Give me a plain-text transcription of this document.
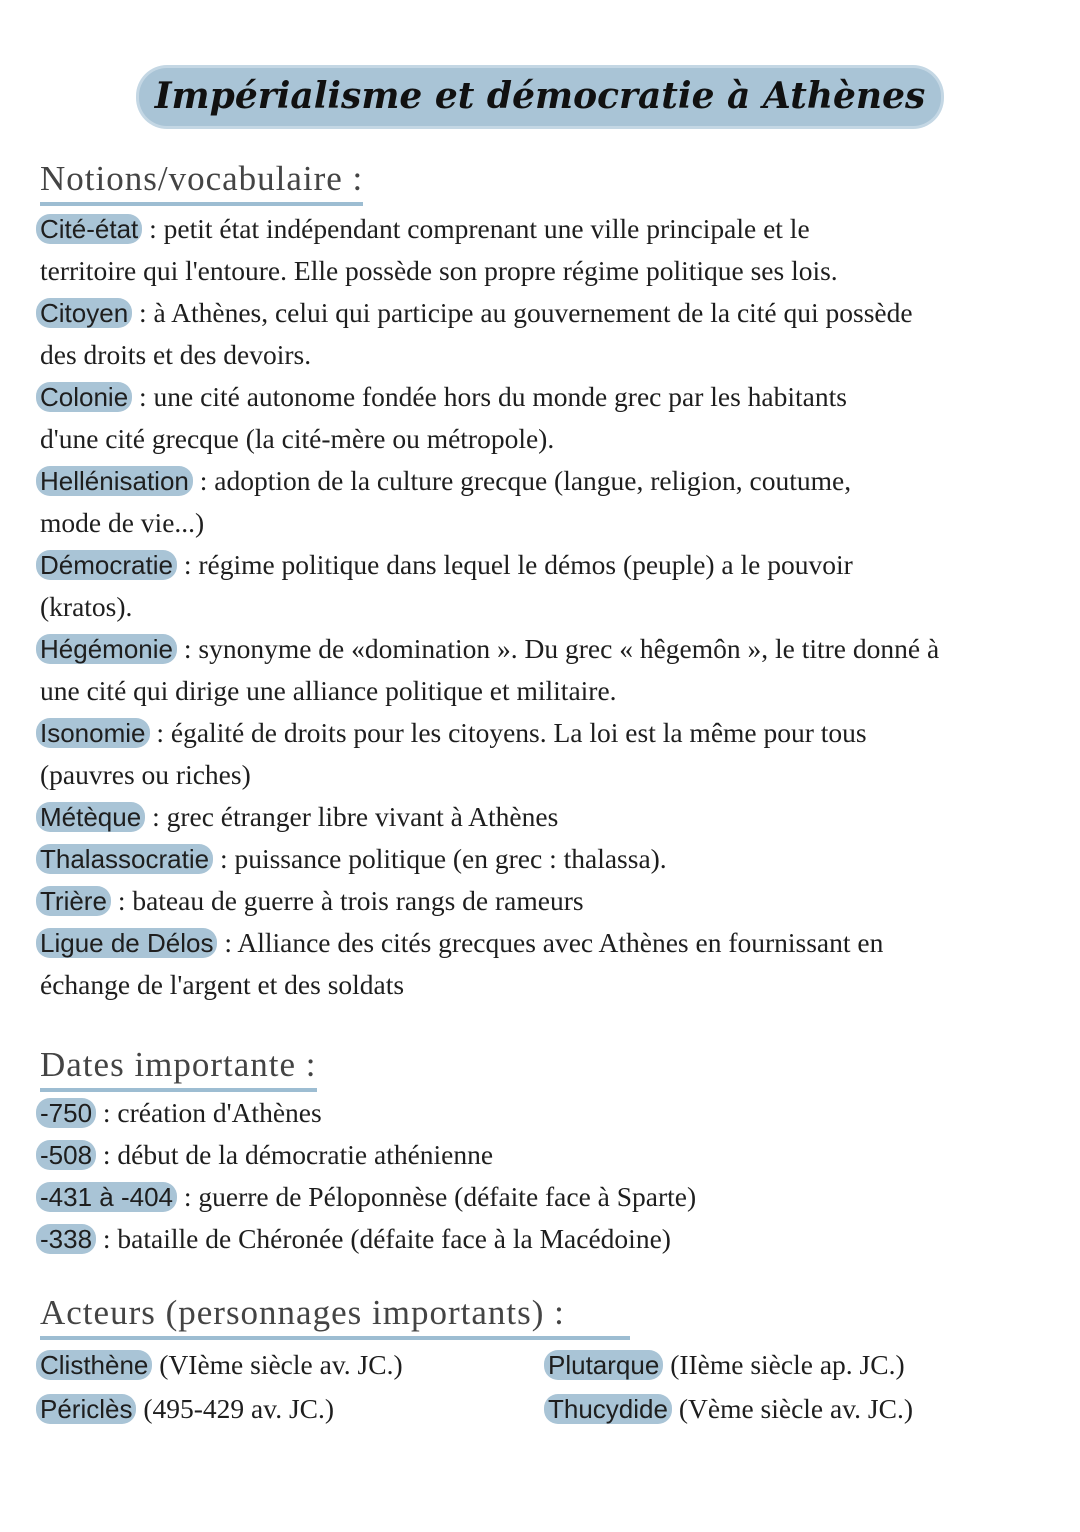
Impérialisme et démocratie à Athènes
Notions/vocabulaire :
Cité-état : petit état indépendant comprenant une ville principale et le
territoire qui l'entoure. Elle possède son propre régime politique ses lois.
Citoyen : à Athènes, celui qui participe au gouvernement de la cité qui possède
des droits et des devoirs.
Colonie : une cité autonome fondée hors du monde grec par les habitants
d'une cité grecque (la cité-mère ou métropole).
Hellénisation : adoption de la culture grecque (langue, religion, coutume,
mode de vie...)
Démocratie : régime politique dans lequel le démos (peuple) a le pouvoir
(kratos).
Hégémonie : synonyme de «domination ». Du grec « hêgemôn », le titre donné à
une cité qui dirige une alliance politique et militaire.
Isonomie : égalité de droits pour les citoyens. La loi est la même pour tous
(pauvres ou riches)
Métèque : grec étranger libre vivant à Athènes
Thalassocratie : puissance politique (en grec : thalassa).
Trière : bateau de guerre à trois rangs de rameurs
Ligue de Délos : Alliance des cités grecques avec Athènes en fournissant en
échange de l'argent et des soldats
Dates importante :
-750 : création d'Athènes
-508 : début de la démocratie athénienne
-431 à -404 : guerre de Péloponnèse (défaite face à Sparte)
-338 : bataille de Chéronée (défaite face à la Macédoine)
Acteurs (personnages importants) :
Clisthène (VIème siècle av. JC.)	Plutarque (IIème siècle ap. JC.)
Périclès (495-429 av. JC.)	Thucydide (Vème siècle av. JC.)
